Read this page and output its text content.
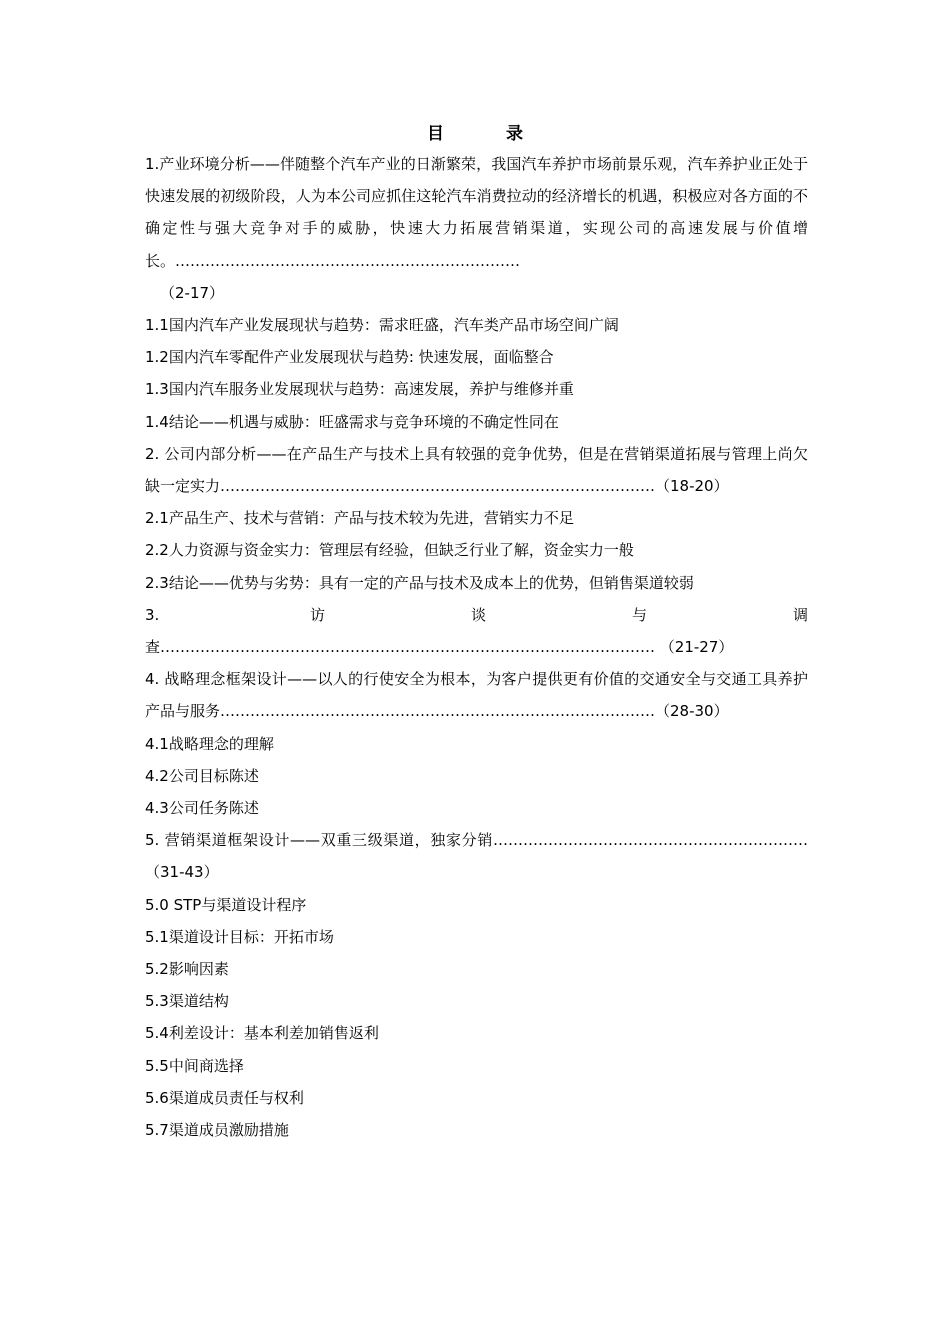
目	录
1.产业环境分析——伴随整个汽车产业的日渐繁荣，我国汽车养护市场前景乐观，汽车养护业正处于快速发展的初级阶段，人为本公司应抓住这轮汽车消费拉动的经济增长的机遇，积极应对各方面的不确定性与强大竞争对手的威胁，快速大力拓展营销渠道，实现公司的高速发展与价值增长。……………………………………………………………
（2-17）
1.1国内汽车产业发展现状与趋势：需求旺盛，汽车类产品市场空间广阔
1.2国内汽车零配件产业发展现状与趋势: 快速发展，面临整合
1.3国内汽车服务业发展现状与趋势：高速发展，养护与维修并重
1.4结论——机遇与威胁：旺盛需求与竞争环境的不确定性同在
2. 公司内部分析——在产品生产与技术上具有较强的竞争优势，但是在营销渠道拓展与管理上尚欠缺一定实力……………………………………………………………………………（18-20）
2.1产品生产、技术与营销：产品与技术较为先进，营销实力不足
2.2人力资源与资金实力：管理层有经验，但缺乏行业了解，资金实力一般
2.3结论——优势与劣势：具有一定的产品与技术及成本上的优势，但销售渠道较弱
3. 访谈与调查……………………………………………………………………………………… （21-27）
4. 战略理念框架设计——以人的行使安全为根本，为客户提供更有价值的交通安全与交通工具养护产品与服务……………………………………………………………………………（28-30）
4.1战略理念的理解
4.2公司目标陈述
4.3公司任务陈述
5. 营销渠道框架设计——双重三级渠道，独家分销………………………………………………………（31-43）
5.0 STP与渠道设计程序
5.1渠道设计目标：开拓市场
5.2影响因素
5.3渠道结构
5.4利差设计：基本利差加销售返利
5.5中间商选择
5.6渠道成员责任与权利
5.7渠道成员激励措施
